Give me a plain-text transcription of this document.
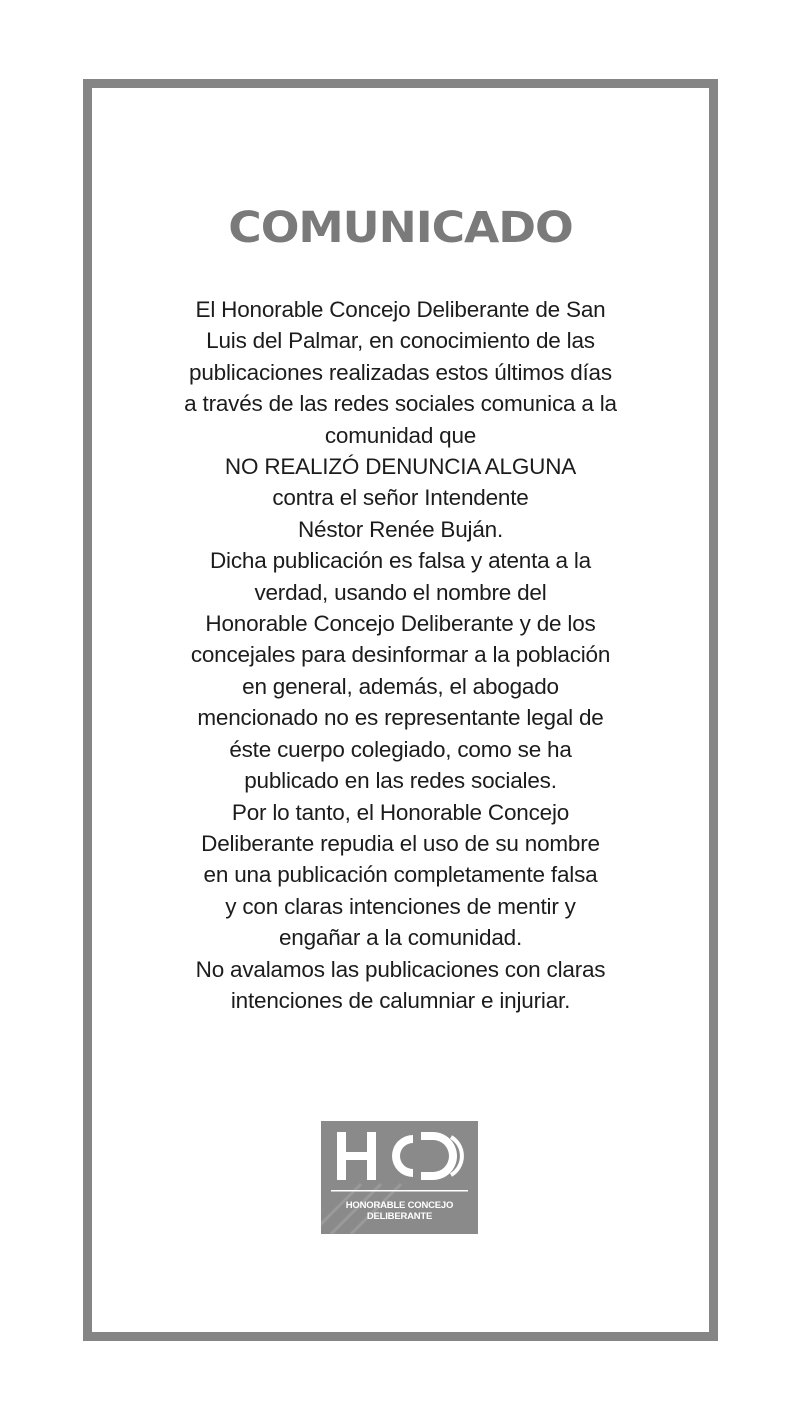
COMUNICADO
El Honorable Concejo Deliberante de San
Luis del Palmar, en conocimiento de las
publicaciones realizadas estos últimos días
a través de las redes sociales comunica a la
comunidad que
NO REALIZÓ DENUNCIA ALGUNA
contra el señor Intendente
Néstor Renée Buján.
Dicha publicación es falsa y atenta a la
verdad, usando el nombre del
Honorable Concejo Deliberante y de los
concejales para desinformar a la población
en general, además, el abogado
mencionado no es representante legal de
éste cuerpo colegiado, como se ha
publicado en las redes sociales.
Por lo tanto, el Honorable Concejo
Deliberante repudia el uso de su nombre
en una publicación completamente falsa
y con claras intenciones de mentir y
engañar a la comunidad.
No avalamos las publicaciones con claras
intenciones de calumniar e injuriar.
HONORABLE CONCEJO
DELIBERANTE
